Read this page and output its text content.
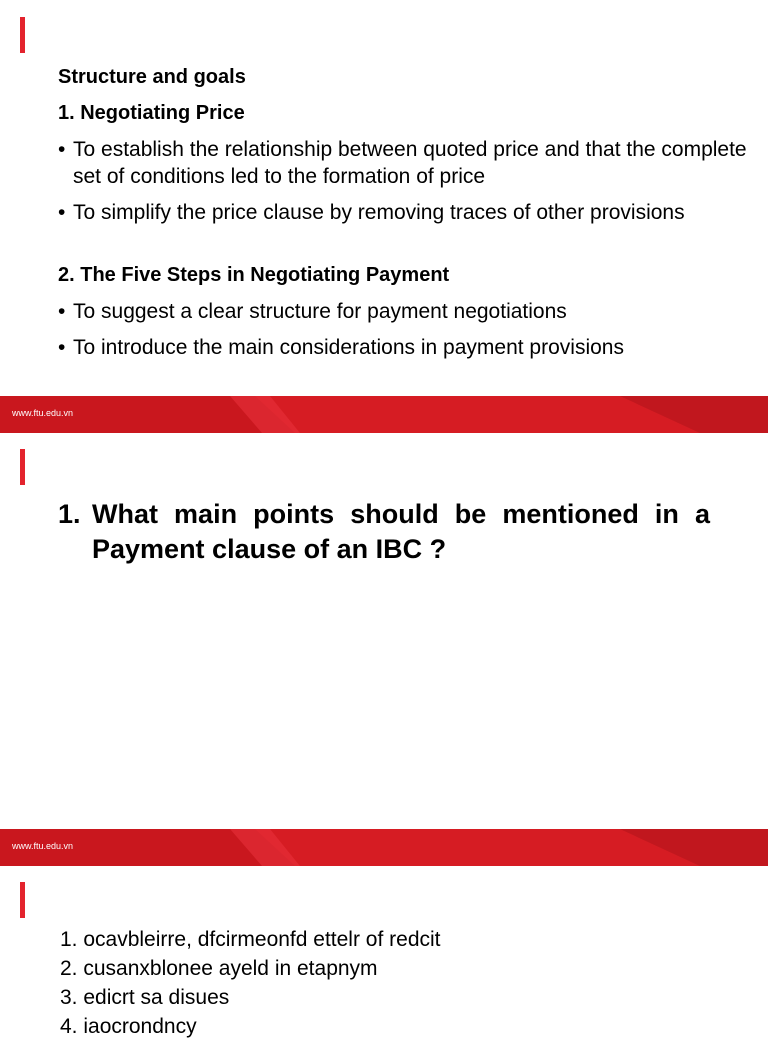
Structure and goals
1. Negotiating Price
• To establish the relationship between quoted price and that the complete set of conditions led to the formation of price
• To simplify the price clause by removing traces of other provisions
2. The Five Steps in Negotiating Payment
• To suggest a clear structure for payment negotiations
• To introduce the main considerations in payment provisions
www.ftu.edu.vn
1. What main points should be mentioned in a Payment clause of an IBC ?
www.ftu.edu.vn
1. ocavbleirre, dfcirmeonfd ettelr of redcit
2. cusanxblonee ayeld in etapnym
3. edicrt sa disues
4. iaocrondncy
